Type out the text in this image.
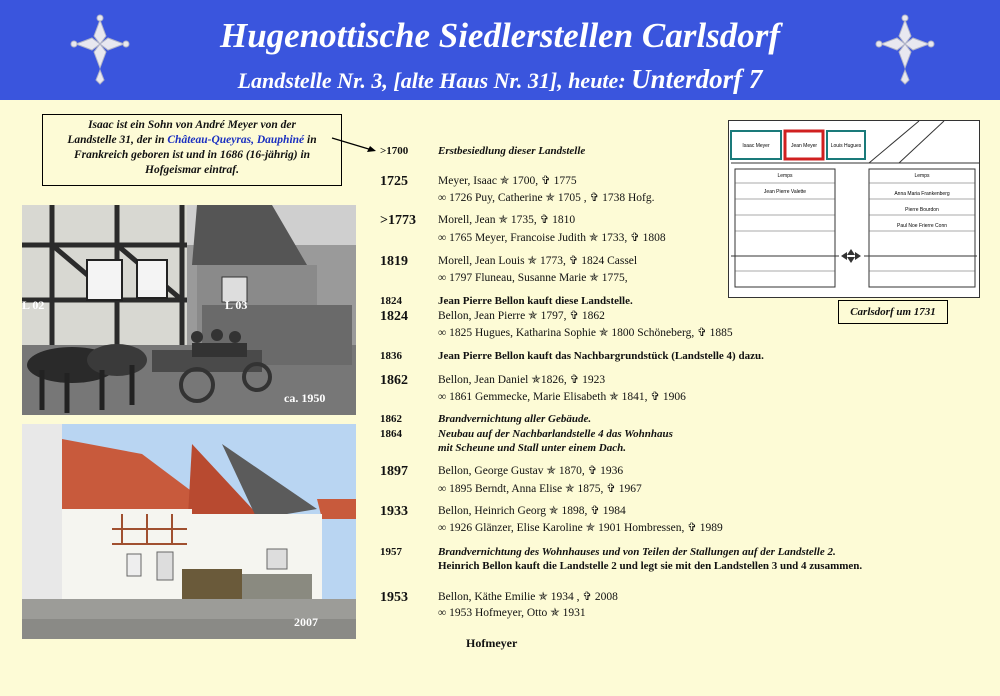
Hugenottische Siedlerstellen Carlsdorf
Landstelle Nr. 3, [alte Haus Nr. 31], heute: Unterdorf 7
Isaac ist ein Sohn von André Meyer von der
Landstelle 31, der in Château-Queyras, Dauphiné in
Frankreich geboren ist und in 1686 (16-jährig) in
Hofgeismar eintraf.
L 02	L 03
ca. 1950
2007
Isaac Meyer	Jean Meyer	Louis Hugues
Lemps	Lemps
Anna Maria Frankenberg
Jean Pierre Valette
Pierre Bourdon
Paul Noe Frierre Conn
Carlsdorf um 1731
>1700	Erstbesiedlung dieser Landstelle
1725	Meyer, Isaac ✯ 1700, ✞ 1775
∞ 1726 Puy, Catherine ✯ 1705 , ✞ 1738 Hofg.
>1773	Morell, Jean ✯ 1735, ✞ 1810
∞ 1765 Meyer, Francoise Judith ✯ 1733, ✞ 1808
1819	Morell, Jean Louis ✯ 1773, ✞ 1824 Cassel
∞ 1797 Fluneau, Susanne Marie ✯ 1775,
1824	Jean Pierre Bellon kauft diese Landstelle.
1824	Bellon, Jean Pierre ✯ 1797, ✞ 1862
∞ 1825 Hugues, Katharina Sophie ✯ 1800 Schöneberg, ✞ 1885
1836	Jean Pierre Bellon kauft das Nachbargrundstück (Landstelle 4) dazu.
1862	Bellon, Jean Daniel ✯1826, ✞ 1923
∞ 1861 Gemmecke, Marie Elisabeth ✯ 1841, ✞ 1906
1862	Brandvernichtung aller Gebäude.
1864	Neubau auf der Nachbarlandstelle 4 das Wohnhaus
mit Scheune und Stall unter einem Dach.
1897	Bellon, George Gustav ✯ 1870, ✞ 1936
∞ 1895 Berndt, Anna Elise ✯ 1875, ✞ 1967
1933	Bellon, Heinrich Georg ✯ 1898, ✞ 1984
∞ 1926 Glänzer, Elise Karoline ✯ 1901 Hombressen, ✞ 1989
1957	Brandvernichtung des Wohnhauses und von Teilen der Stallungen auf der Landstelle 2.
Heinrich Bellon kauft die Landstelle 2 und legt sie mit den Landstellen 3 und 4 zusammen.
1953	Bellon, Käthe Emilie ✯ 1934 , ✞ 2008
∞ 1953 Hofmeyer, Otto ✯ 1931
Hofmeyer
